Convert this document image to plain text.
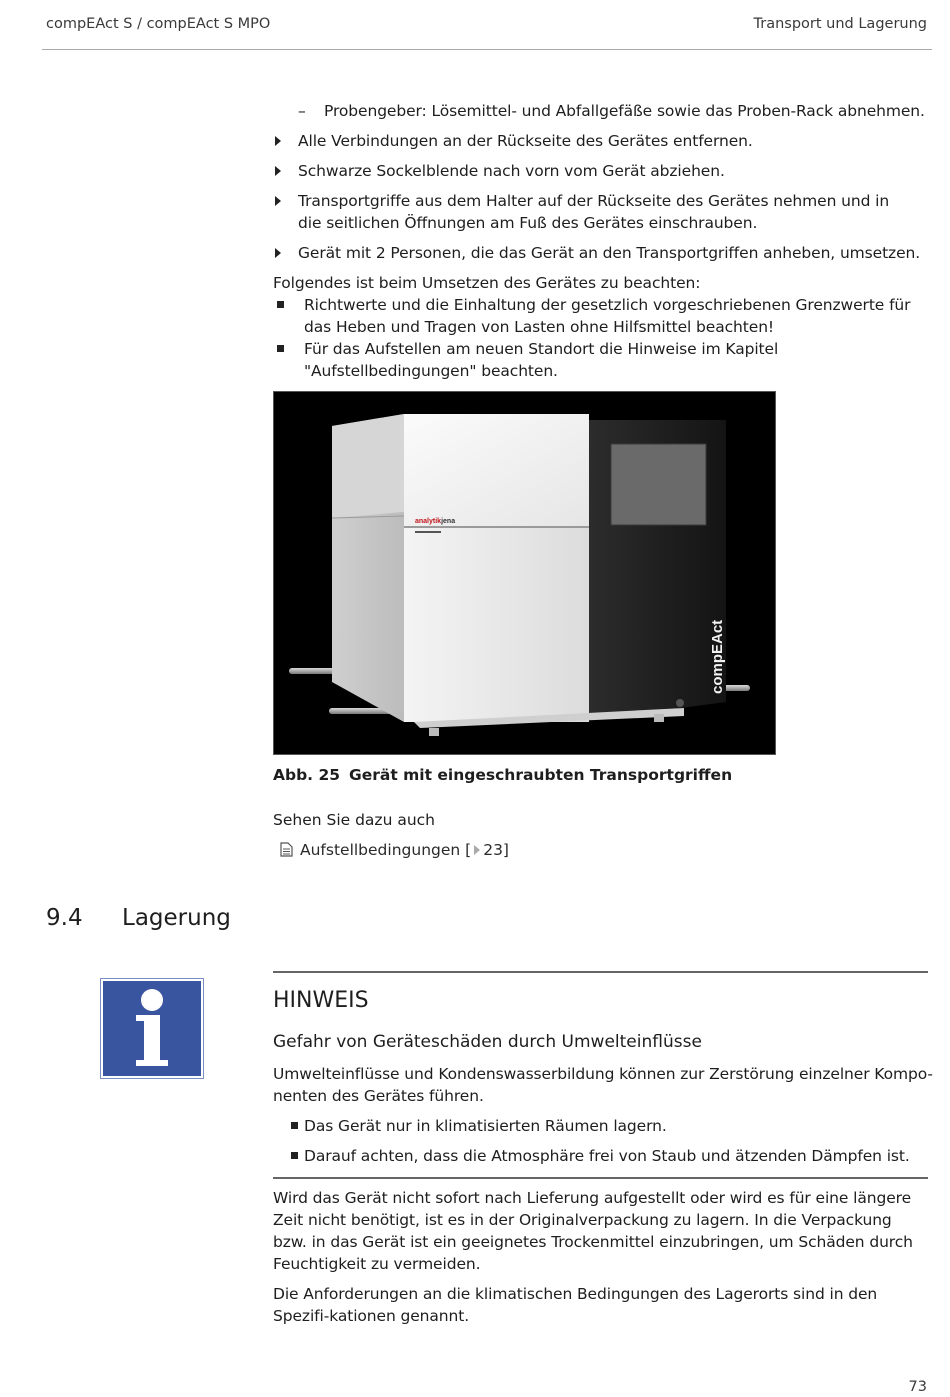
compEAct S / compEAct S MPO	Transport und Lagerung
– Probengeber: Lösemittel- und Abfallgefäße sowie das Proben-Rack abnehmen.
Alle Verbindungen an der Rückseite des Gerätes entfernen.
Schwarze Sockelblende nach vorn vom Gerät abziehen.
Transportgriffe aus dem Halter auf der Rückseite des Gerätes nehmen und in die seitlichen Öffnungen am Fuß des Gerätes einschrauben.
Gerät mit 2 Personen, die das Gerät an den Transportgriffen anheben, umsetzen.
Folgendes ist beim Umsetzen des Gerätes zu beachten:
Richtwerte und die Einhaltung der gesetzlich vorgeschriebenen Grenzwerte für das Heben und Tragen von Lasten ohne Hilfsmittel beachten!
Für das Aufstellen am neuen Standort die Hinweise im Kapitel "Aufstellbedingungen" beachten.
analytikjena
compEAct
Abb. 25 Gerät mit eingeschraubten Transportgriffen
Sehen Sie dazu auch
Aufstellbedingungen [ 23]
9.4 Lagerung
HINWEIS
Gefahr von Geräteschäden durch Umwelteinflüsse
Umwelteinflüsse und Kondenswasserbildung können zur Zerstörung einzelner Kompo-
nenten des Gerätes führen.
Das Gerät nur in klimatisierten Räumen lagern.
Darauf achten, dass die Atmosphäre frei von Staub und ätzenden Dämpfen ist.
Wird das Gerät nicht sofort nach Lieferung aufgestellt oder wird es für eine längere Zeit nicht benötigt, ist es in der Originalverpackung zu lagern. In die Verpackung bzw. in das Gerät ist ein geeignetes Trockenmittel einzubringen, um Schäden durch Feuchtigkeit zu vermeiden.
Die Anforderungen an die klimatischen Bedingungen des Lagerorts sind in den Spezifi-kationen genannt.
73
